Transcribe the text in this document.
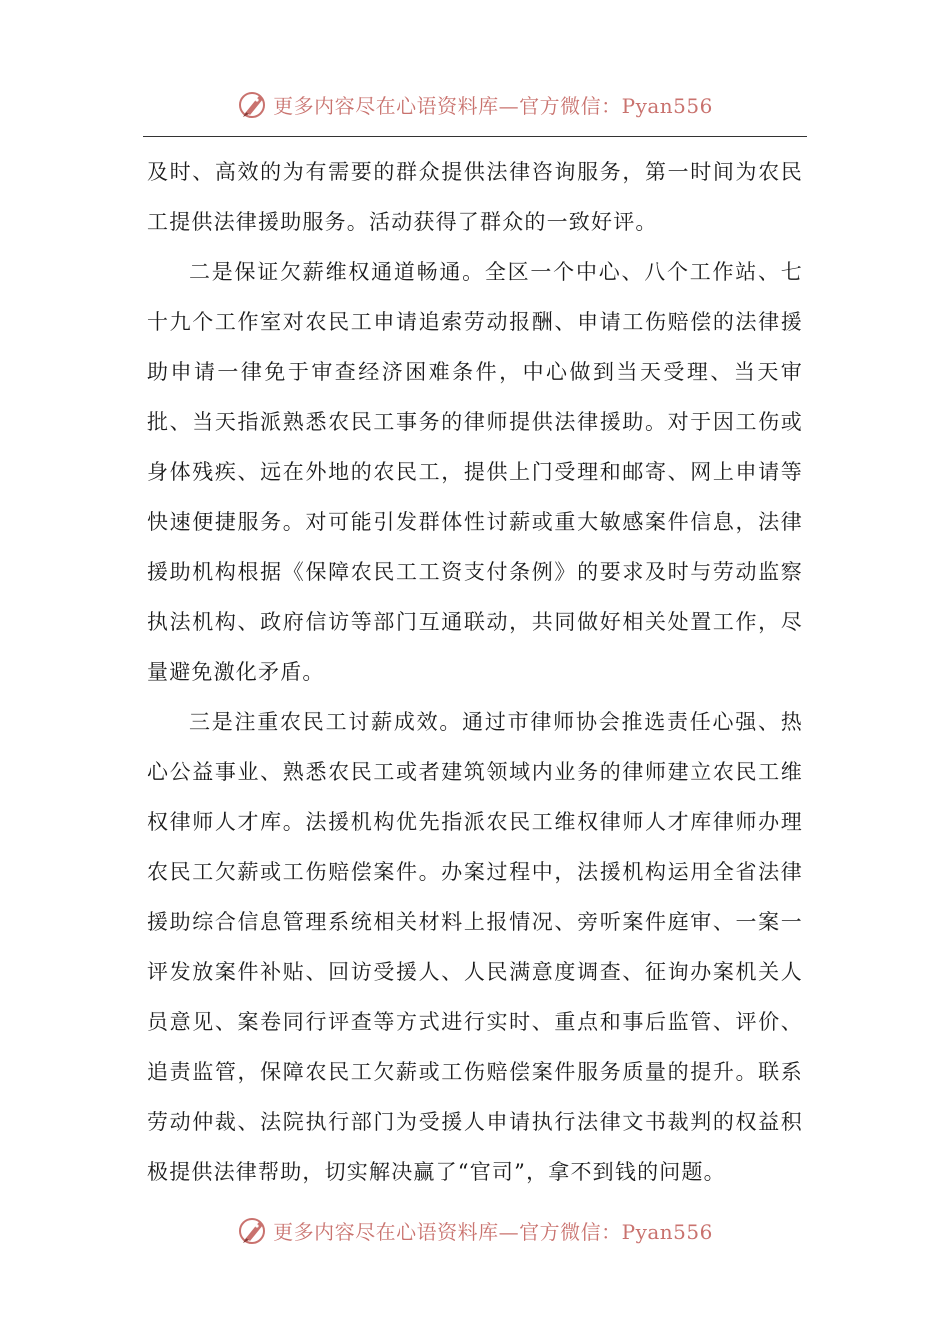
更多内容尽在心语资料库—官方微信：Pyan556

及时、高效的为有需要的群众提供法律咨询服务，第一时间为农民工提供法律援助服务。活动获得了群众的一致好评。

二是保证欠薪维权通道畅通。全区一个中心、八个工作站、七十九个工作室对农民工申请追索劳动报酬、申请工伤赔偿的法律援助申请一律免于审查经济困难条件，中心做到当天受理、当天审批、当天指派熟悉农民工事务的律师提供法律援助。对于因工伤或身体残疾、远在外地的农民工，提供上门受理和邮寄、网上申请等快速便捷服务。对可能引发群体性讨薪或重大敏感案件信息，法律援助机构根据《保障农民工工资支付条例》的要求及时与劳动监察执法机构、政府信访等部门互通联动，共同做好相关处置工作，尽量避免激化矛盾。

三是注重农民工讨薪成效。通过市律师协会推选责任心强、热心公益事业、熟悉农民工或者建筑领域内业务的律师建立农民工维权律师人才库。法援机构优先指派农民工维权律师人才库律师办理农民工欠薪或工伤赔偿案件。办案过程中，法援机构运用全省法律援助综合信息管理系统相关材料上报情况、旁听案件庭审、一案一评发放案件补贴、回访受援人、人民满意度调查、征询办案机关人员意见、案卷同行评查等方式进行实时、重点和事后监管、评价、追责监管，保障农民工欠薪或工伤赔偿案件服务质量的提升。联系劳动仲裁、法院执行部门为受援人申请执行法律文书裁判的权益积极提供法律帮助，切实解决赢了“官司”，拿不到钱的问题。

更多内容尽在心语资料库—官方微信：Pyan556
